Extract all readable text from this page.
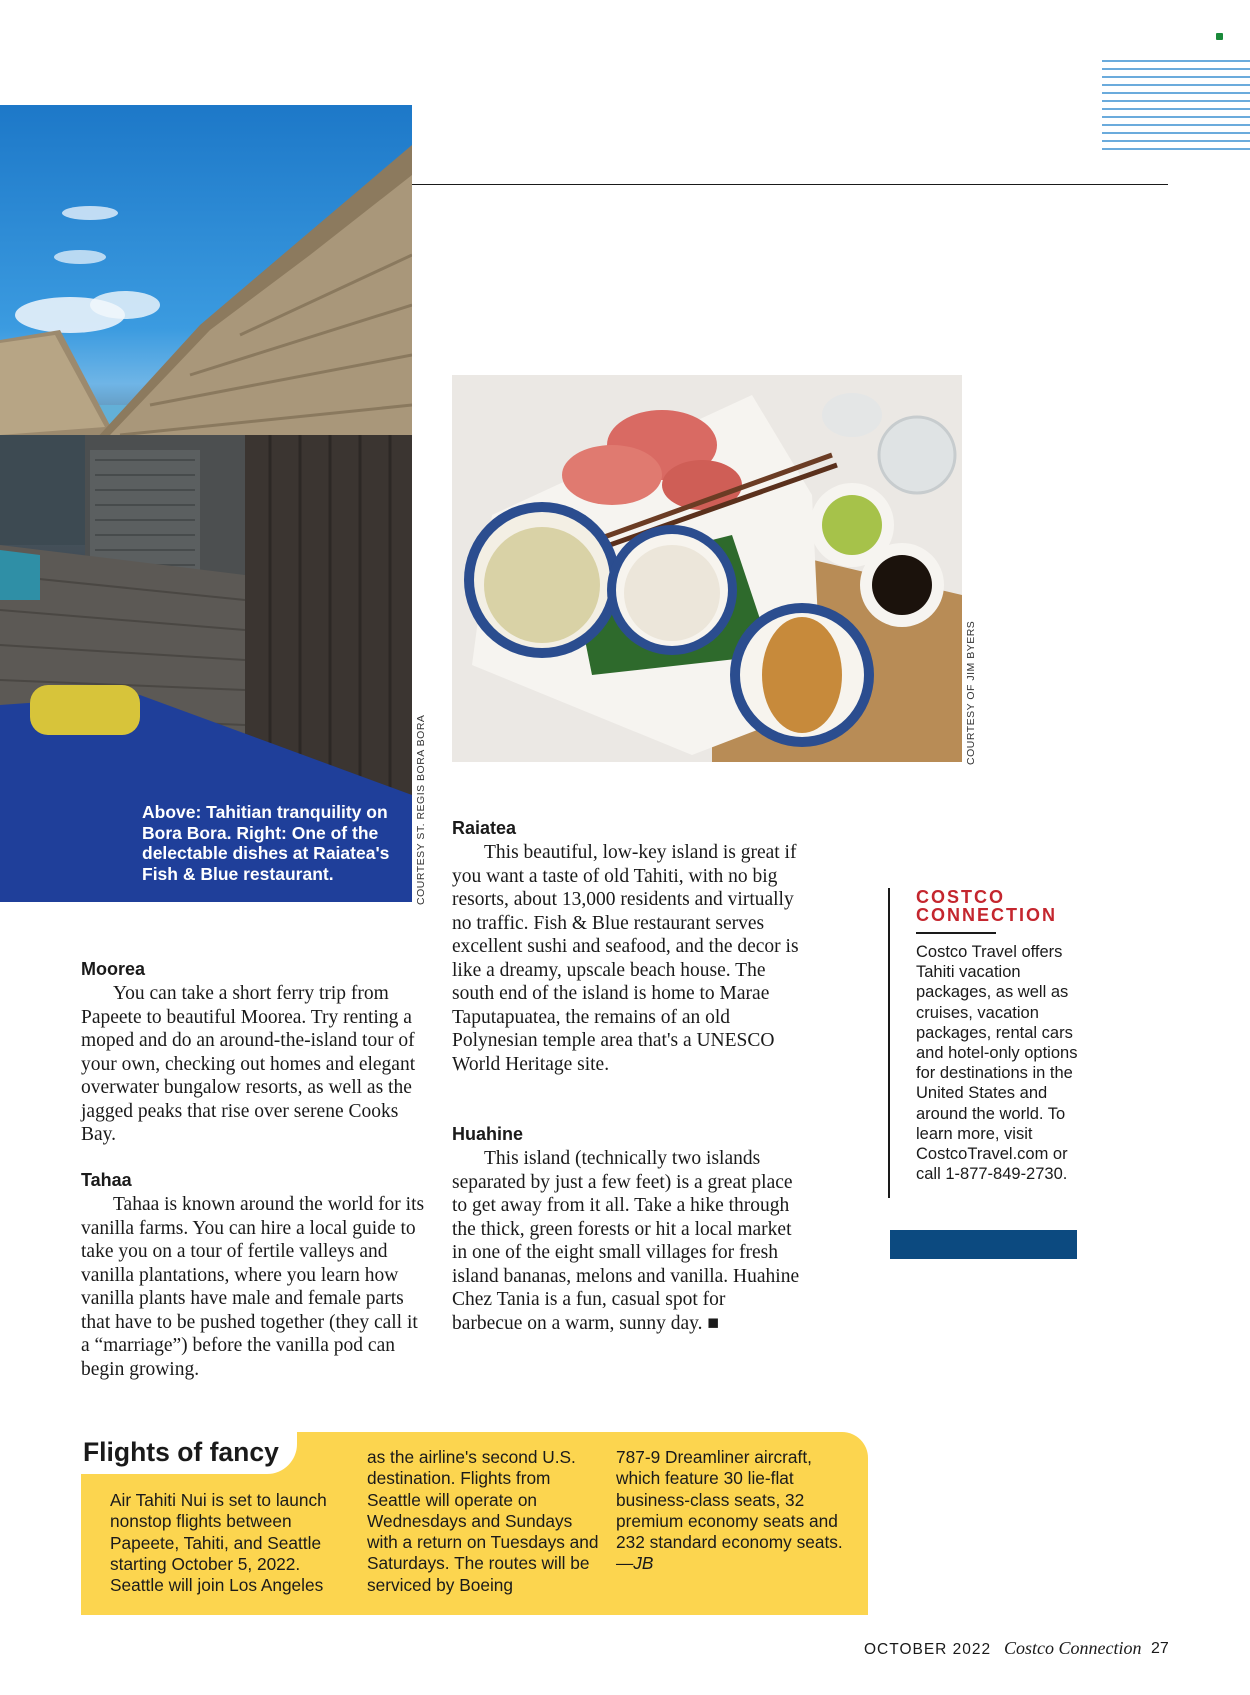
Above: Tahitian tranquility on Bora Bora. Right: One of the delectable dishes at Raiatea's Fish & Blue restaurant.	COURTESY ST. REGIS BORA BORA
COURTESY OF JIM BYERS
Moorea
You can take a short ferry trip from Papeete to beautiful Moorea. Try renting a moped and do an around-the-island tour of your own, checking out homes and elegant overwater bungalow resorts, as well as the jagged peaks that rise over serene Cooks Bay.
Tahaa
Tahaa is known around the world for its vanilla farms. You can hire a local guide to take you on a tour of fertile valleys and vanilla plantations, where you learn how vanilla plants have male and female parts that have to be pushed together (they call it a “marriage”) before the vanilla pod can begin growing.
Raiatea
This beautiful, low-key island is great if you want a taste of old Tahiti, with no big resorts, about 13,000 residents and virtually no traffic. Fish & Blue restaurant serves excellent sushi and seafood, and the decor is like a dreamy, upscale beach house. The south end of the island is home to Marae Taputapuatea, the remains of an old Polynesian temple area that's a UNESCO World Heritage site.
Huahine
This island (technically two islands separated by just a few feet) is a great place to get away from it all. Take a hike through the thick, green forests or hit a local market in one of the eight small villages for fresh island bananas, melons and vanilla. Huahine Chez Tania is a fun, casual spot for barbecue on a warm, sunny day. ■
COSTCO
CONNECTION
Costco Travel offers Tahiti vacation packages, as well as cruises, vacation packages, rental cars and hotel-only options for destinations in the United States and around the world. To learn more, visit CostcoTravel.com or call 1-877-849-2730.
Flights of fancy
Air Tahiti Nui is set to launch nonstop flights between Papeete, Tahiti, and Seattle starting October 5, 2022. Seattle will join Los Angeles
as the airline's second U.S. destination. Flights from Seattle will operate on Wednesdays and Sundays with a return on Tuesdays and Saturdays. The routes will be serviced by Boeing
787-9 Dreamliner aircraft, which feature 30 lie-flat business-class seats, 32 premium economy seats and 232 standard economy seats.—JB
OCTOBER 2022 Costco Connection 27
